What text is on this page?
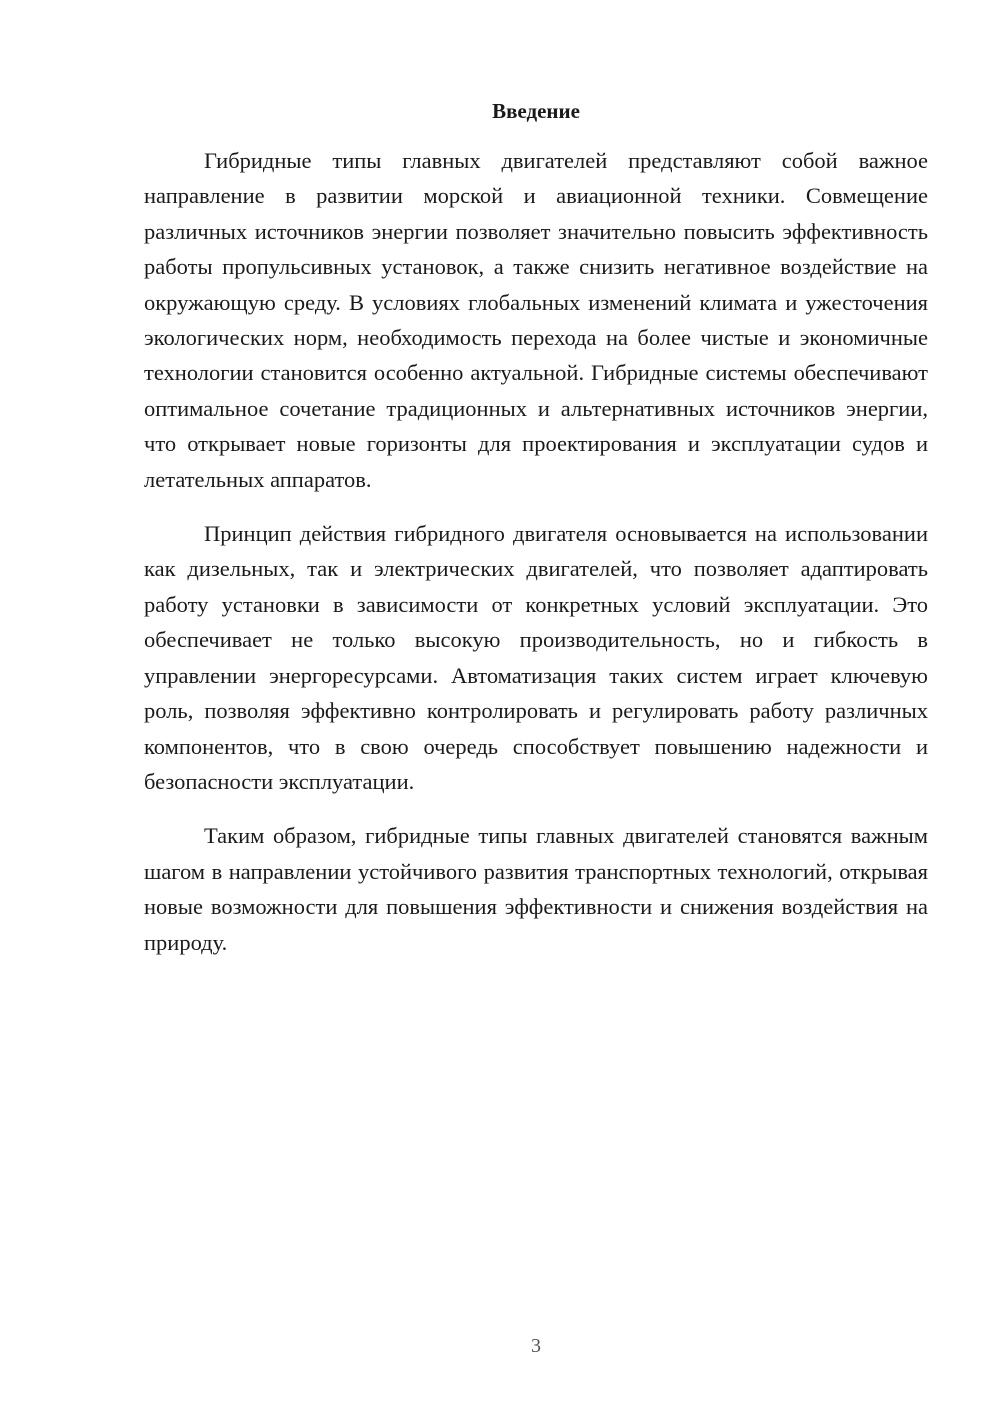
Введение

Гибридные типы главных двигателей представляют собой важное направление в развитии морской и авиационной техники. Совмещение различных источников энергии позволяет значительно повысить эффективность работы пропульсивных установок, а также снизить негативное воздействие на окружающую среду. В условиях глобальных изменений климата и ужесточения экологических норм, необходимость перехода на более чистые и экономичные технологии становится особенно актуальной. Гибридные системы обеспечивают оптимальное сочетание традиционных и альтернативных источников энергии, что открывает новые горизонты для проектирования и эксплуатации судов и летательных аппаратов.

Принцип действия гибридного двигателя основывается на использовании как дизельных, так и электрических двигателей, что позволяет адаптировать работу установки в зависимости от конкретных условий эксплуатации. Это обеспечивает не только высокую производительность, но и гибкость в управлении энергоресурсами. Автоматизация таких систем играет ключевую роль, позволяя эффективно контролировать и регулировать работу различных компонентов, что в свою очередь способствует повышению надежности и безопасности эксплуатации.

Таким образом, гибридные типы главных двигателей становятся важным шагом в направлении устойчивого развития транспортных технологий, открывая новые возможности для повышения эффективности и снижения воздействия на природу.

3
